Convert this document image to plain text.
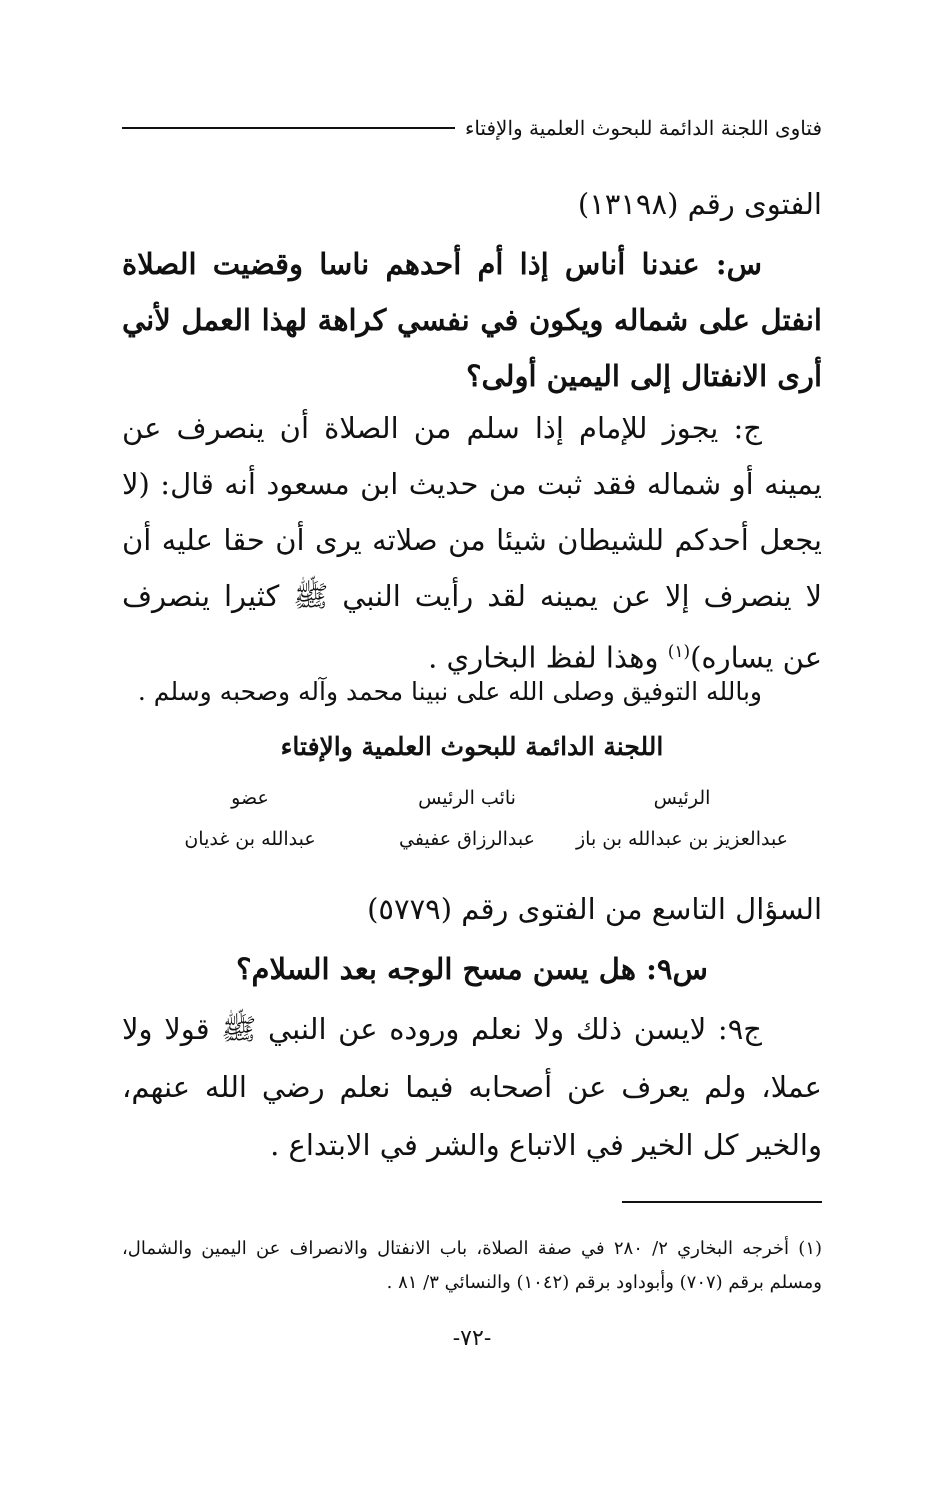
فتاوى اللجنة الدائمة للبحوث العلمية والإفتاء
الفتوى رقم (١٣١٩٨)
س: عندنا أناس إذا أم أحدهم ناسا وقضيت الصلاة انفتل على شماله ويكون في نفسي كراهة لهذا العمل لأني أرى الانفتال إلى اليمين أولى؟
ج: يجوز للإمام إذا سلم من الصلاة أن ينصرف عن يمينه أو شماله فقد ثبت من حديث ابن مسعود أنه قال: (لا يجعل أحدكم للشيطان شيئا من صلاته يرى أن حقا عليه أن لا ينصرف إلا عن يمينه لقد رأيت النبي ﷺ كثيرا ينصرف عن يساره)$^{(١)}$ وهذا لفظ البخاري .
وبالله التوفيق وصلى الله على نبينا محمد وآله وصحبه وسلم .
اللجنة الدائمة للبحوث العلمية والإفتاء
الرئيس
نائب الرئيس
عضو
عبدالعزيز بن عبدالله بن باز
عبدالرزاق عفيفي
عبدالله بن غديان
السؤال التاسع من الفتوى رقم (٥٧٧٩)
س٩: هل يسن مسح الوجه بعد السلام؟
ج٩: لايسن ذلك ولا نعلم وروده عن النبي ﷺ قولا ولا عملا، ولم يعرف عن أصحابه فيما نعلم رضي الله عنهم، والخير كل الخير في الاتباع والشر في الابتداع .
(١) أخرجه البخاري ٢/ ٢٨٠ في صفة الصلاة، باب الانفتال والانصراف عن اليمين والشمال، ومسلم برقم (٧٠٧) وأبوداود برقم (١٠٤٢) والنسائي ٣/ ٨١ .
-٧٢-
